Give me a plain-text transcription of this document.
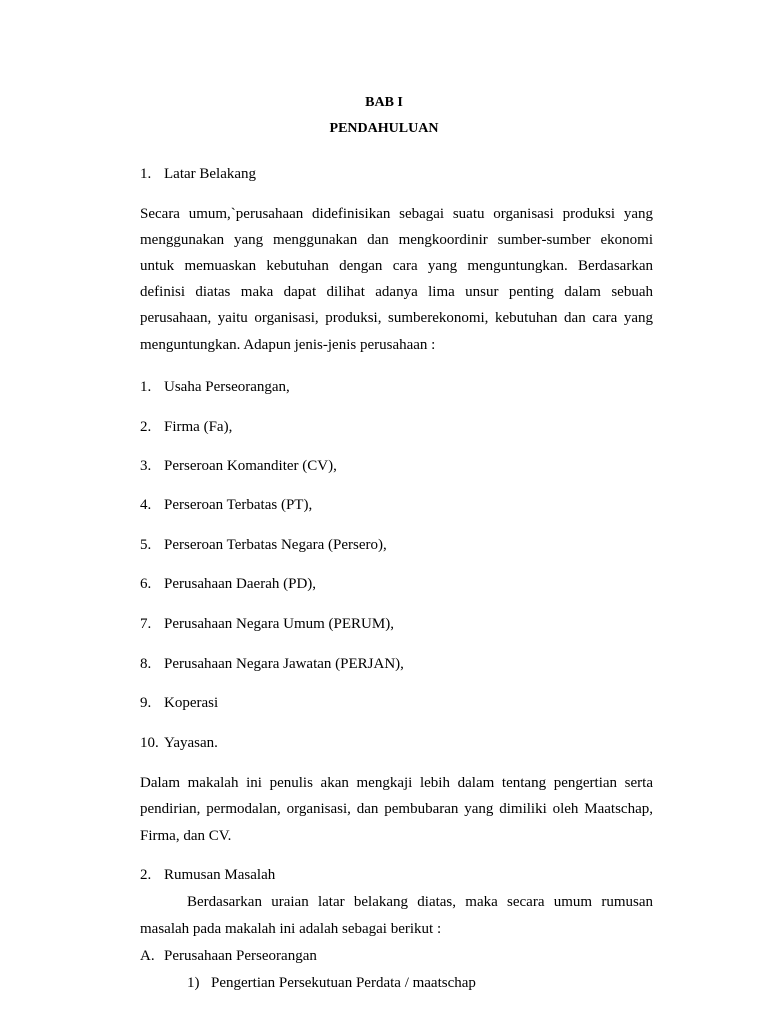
BAB I
PENDAHULUAN
1. Latar Belakang
Secara umum,`perusahaan didefinisikan sebagai suatu organisasi produksi yang
menggunakan yang menggunakan dan mengkoordinir sumber-sumber ekonomi
untuk memuaskan kebutuhan dengan cara yang menguntungkan. Berdasarkan
definisi diatas maka dapat dilihat adanya lima unsur penting dalam sebuah
perusahaan, yaitu organisasi, produksi, sumberekonomi, kebutuhan dan cara yang
menguntungkan. Adapun jenis-jenis perusahaan :
1. Usaha Perseorangan,
2. Firma (Fa),
3. Perseroan Komanditer (CV),
4. Perseroan Terbatas (PT),
5. Perseroan Terbatas Negara (Persero),
6. Perusahaan Daerah (PD),
7. Perusahaan Negara Umum (PERUM),
8. Perusahaan Negara Jawatan (PERJAN),
9. Koperasi
10. Yayasan.
Dalam makalah ini penulis akan mengkaji lebih dalam tentang pengertian serta
pendirian, permodalan, organisasi, dan pembubaran yang dimiliki oleh Maatschap,
Firma, dan CV.
2. Rumusan Masalah
Berdasarkan uraian latar belakang diatas, maka secara umum rumusan
masalah pada makalah ini adalah sebagai berikut :
A. Perusahaan Perseorangan
1) Pengertian Persekutuan Perdata / maatschap
